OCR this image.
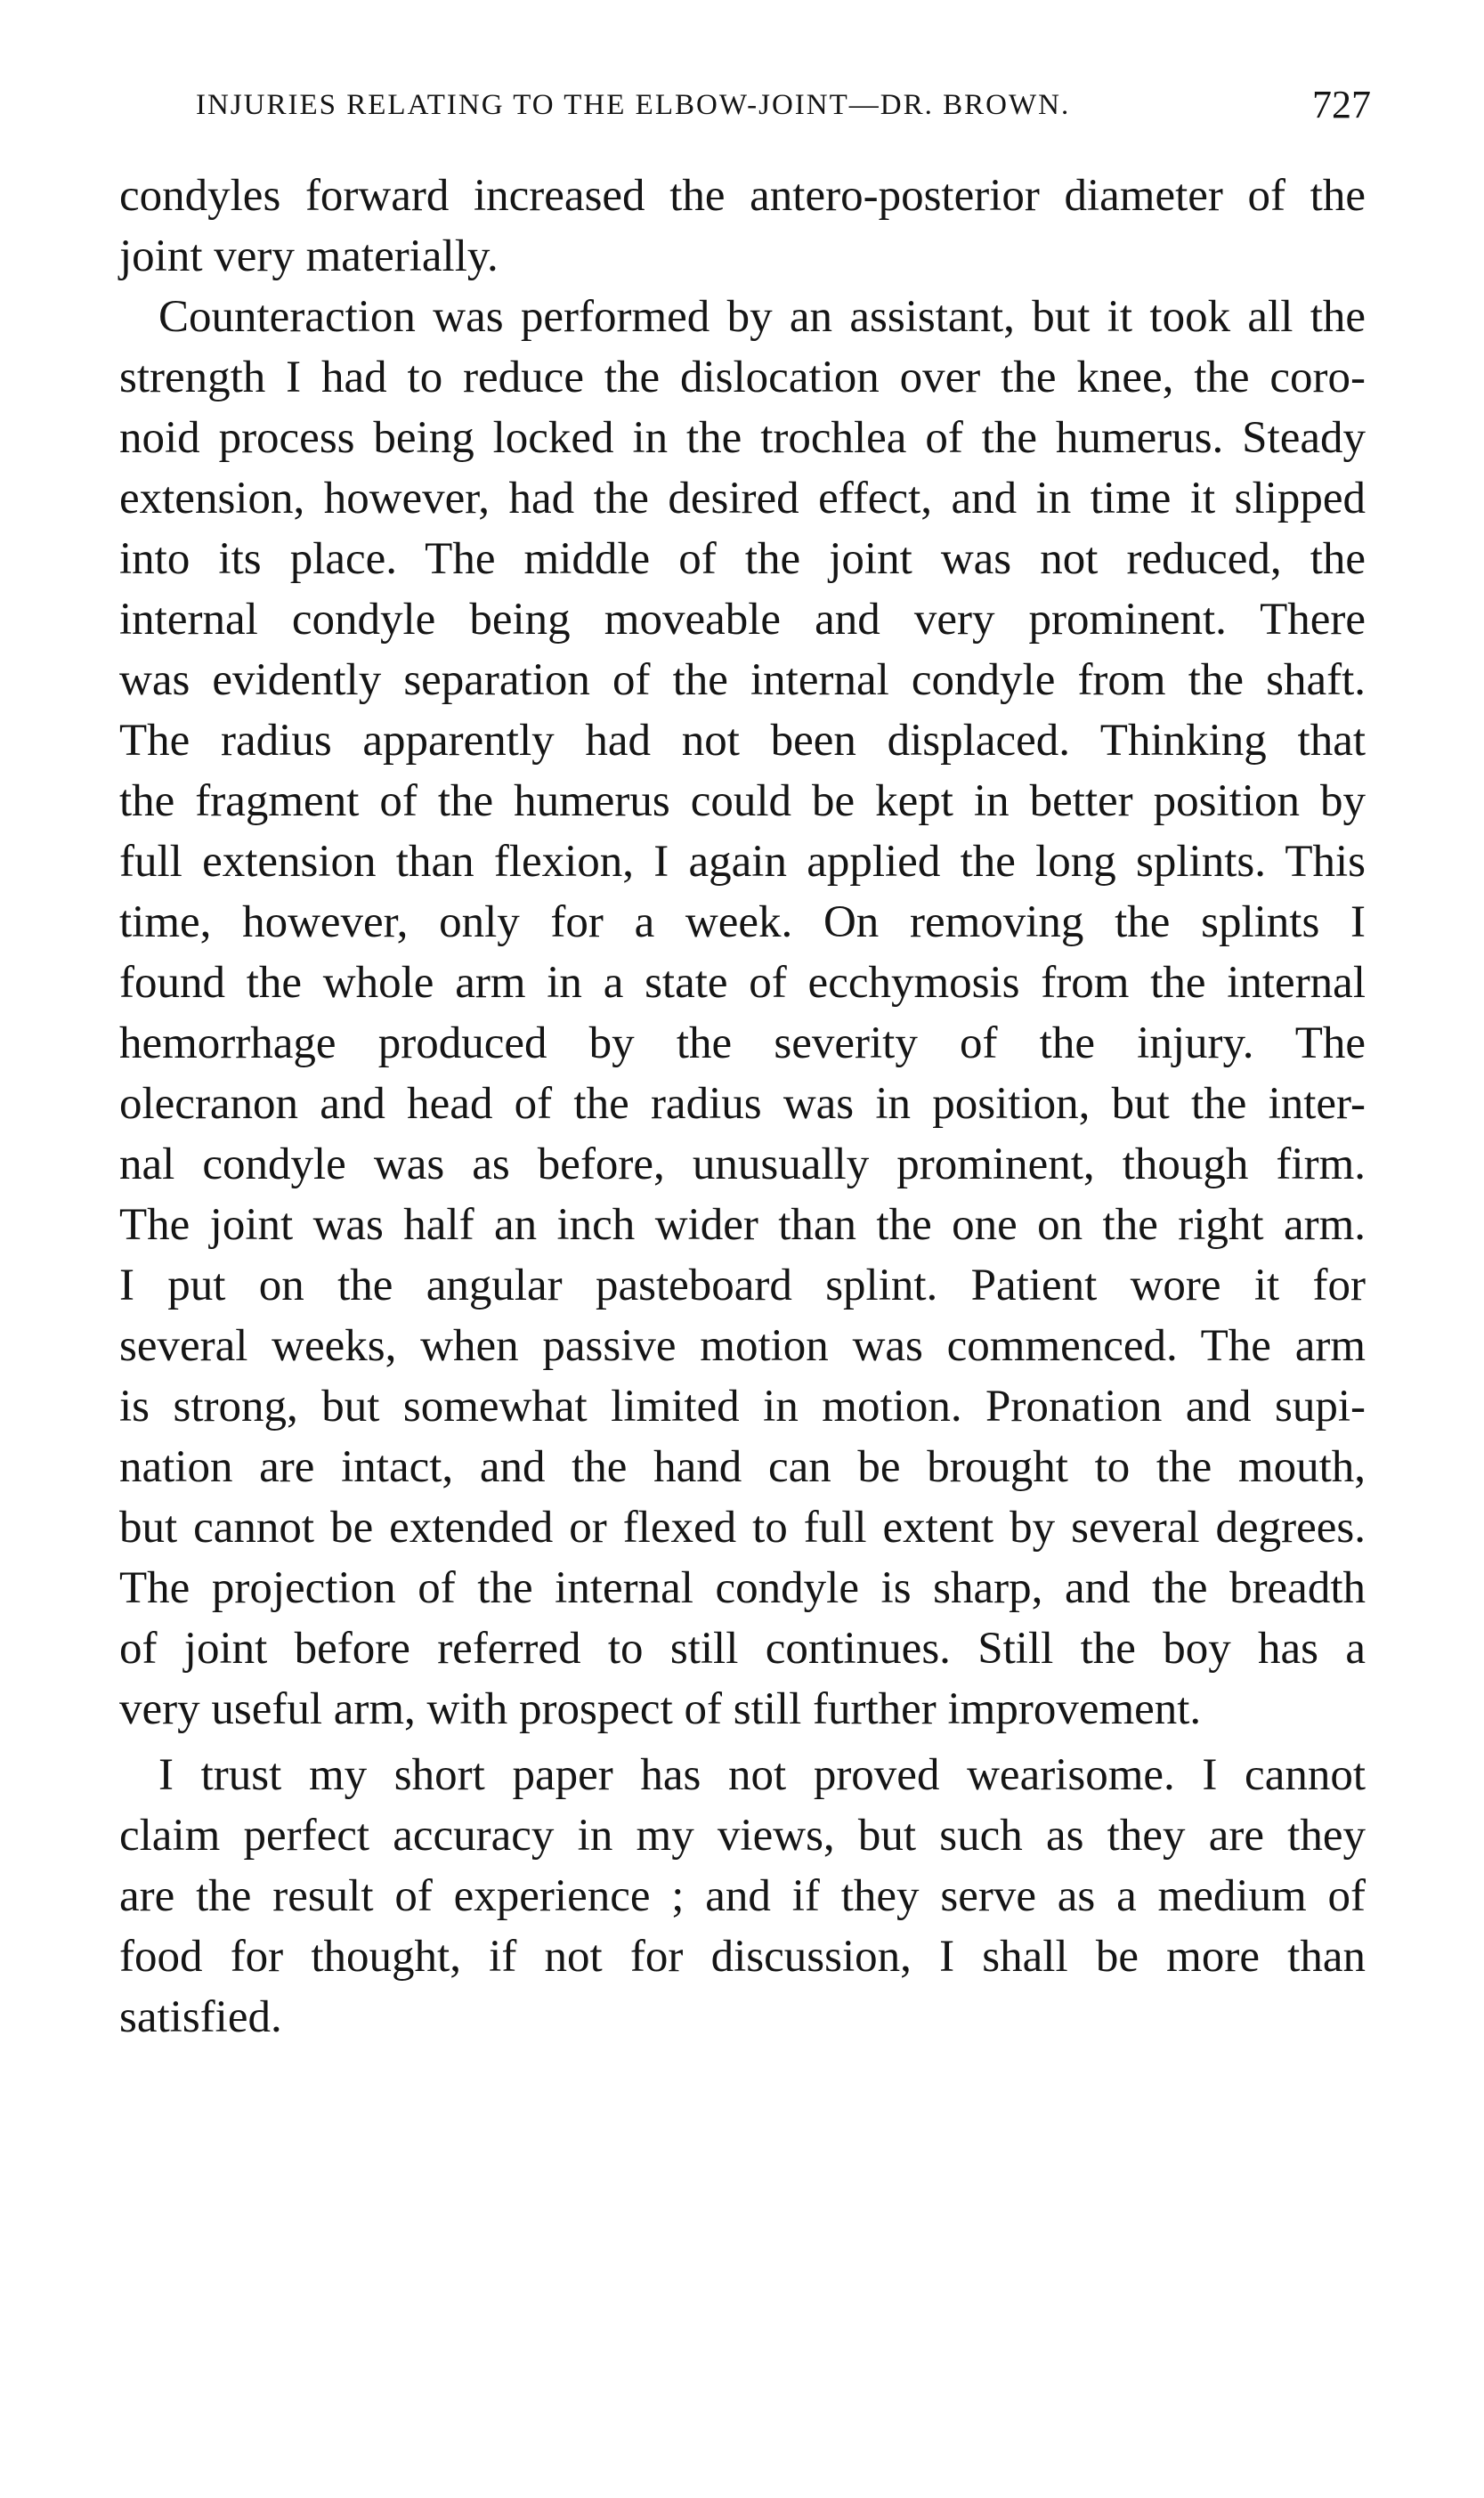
INJURIES RELATING TO THE ELBOW-JOINT—DR. BROWN.	727
condyles forward increased the antero-posterior diameter of the
joint very materially.
Counteraction was performed by an assistant, but it took all the
strength I had to reduce the dislocation over the knee, the coro-
noid process being locked in the trochlea of the humerus. Steady
extension, however, had the desired effect, and in time it slipped
into its place. The middle of the joint was not reduced, the
internal condyle being moveable and very prominent. There
was evidently separation of the internal condyle from the shaft.
The radius apparently had not been displaced. Thinking that
the fragment of the humerus could be kept in better position by
full extension than flexion, I again applied the long splints. This
time, however, only for a week. On removing the splints I
found the whole arm in a state of ecchymosis from the internal
hemorrhage produced by the severity of the injury. The
olecranon and head of the radius was in position, but the inter-
nal condyle was as before, unusually prominent, though firm.
The joint was half an inch wider than the one on the right arm.
I put on the angular pasteboard splint. Patient wore it for
several weeks, when passive motion was commenced. The arm
is strong, but somewhat limited in motion. Pronation and supi-
nation are intact, and the hand can be brought to the mouth,
but cannot be extended or flexed to full extent by several degrees.
The projection of the internal condyle is sharp, and the breadth
of joint before referred to still continues. Still the boy has a
very useful arm, with prospect of still further improvement.
I trust my short paper has not proved wearisome. I cannot
claim perfect accuracy in my views, but such as they are they
are the result of experience ; and if they serve as a medium of
food for thought, if not for discussion, I shall be more than
satisfied.
